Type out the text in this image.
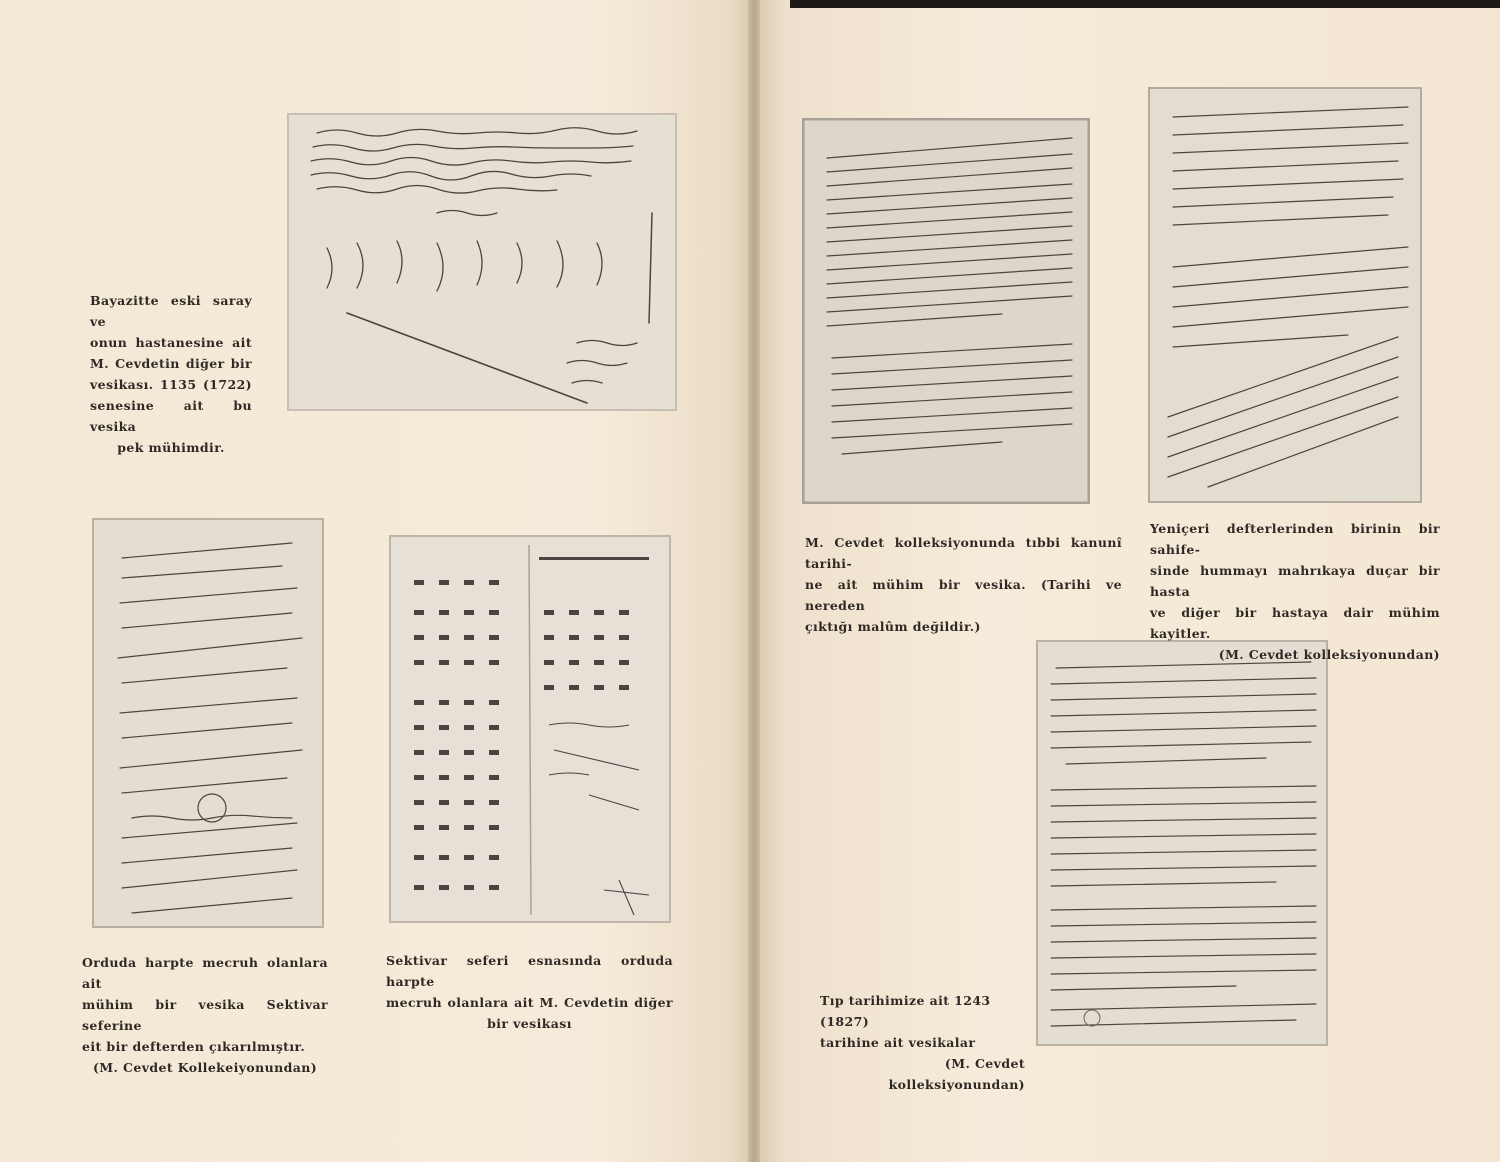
Bayazitte eski saray ve

onun hastanesine ait

M. Cevdetin diğer bir

vesikası. 1135 (1722)

senesine ait bu vesika

pek mühimdir.

Orduda harpte mecruh olanlara ait

mühim bir vesika Sektivar seferine

eit bir defterden çıkarılmıştır.

(M. Cevdet Kollekeiyonundan)

Sektivar seferi esnasında orduda harpte

mecruh olanlara ait M. Cevdetin diğer

bir vesikası

M. Cevdet kolleksiyonunda tıbbi kanunî tarihi-

ne ait mühim bir vesika. (Tarihi ve nereden

çıktığı malûm değildir.)

Yeniçeri defterlerinden birinin bir sahife-

sinde hummayı mahrıkaya duçar bir hasta

ve diğer bir hastaya dair mühim kayitler.

(M. Cevdet kolleksiyonundan)

Tıp tarihimize ait 1243 (1827)

tarihine ait vesikalar

(M. Cevdet kolleksiyonundan)
